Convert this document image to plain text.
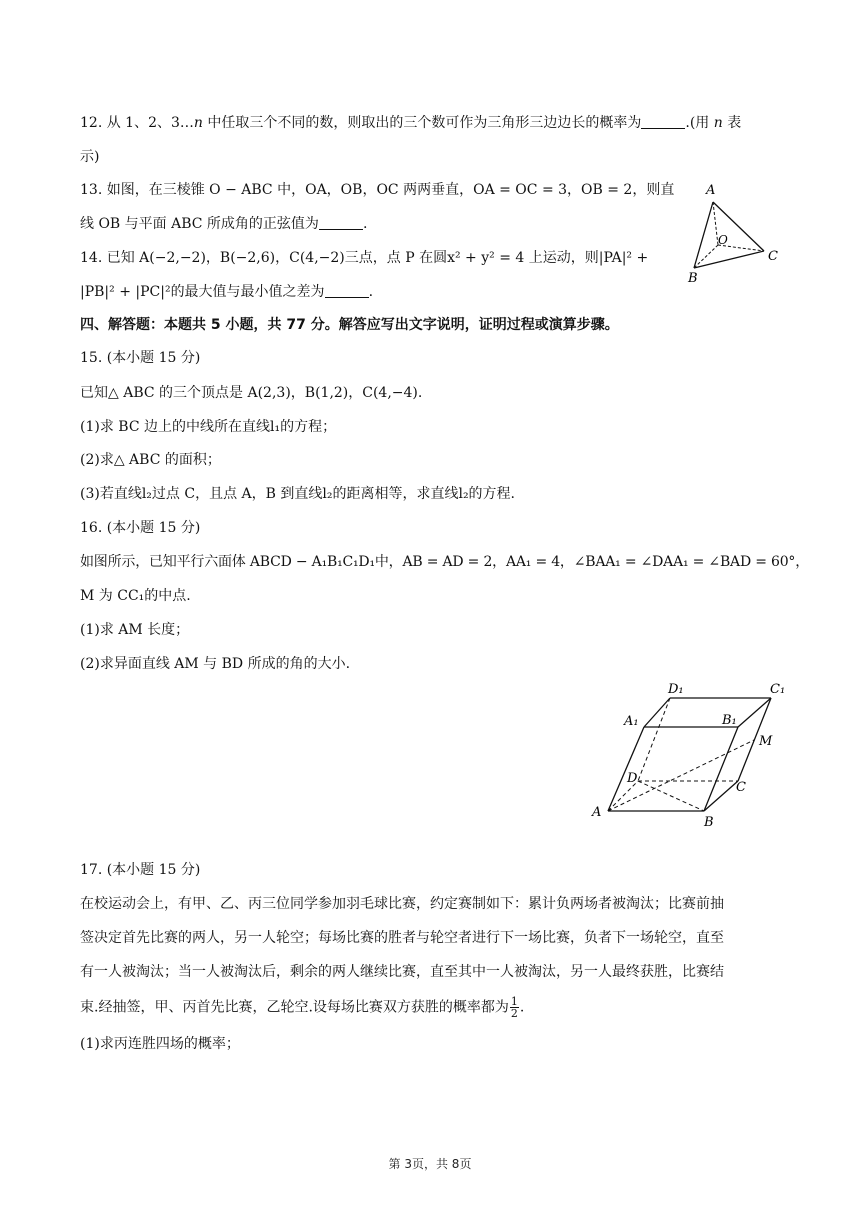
12. 从 1、2、3…n 中任取三个不同的数，则取出的三个数可作为三角形三边边长的概率为	.(用 n 表
示)
13. 如图，在三棱锥 O − ABC 中，OA，OB，OC 两两垂直，OA = OC = 3，OB = 2，则直
线 OB 与平面 ABC 所成角的正弦值为	.
A
O
B
C
14. 已知 A(−2,−2)，B(−2,6)，C(4,−2)三点，点 P 在圆x² + y² = 4 上运动，则|PA|² +
|PB|² + |PC|²的最大值与最小值之差为	.
四、解答题：本题共 5 小题，共 77 分。解答应写出文字说明，证明过程或演算步骤。
15. (本小题 15 分)
已知△ ABC 的三个顶点是 A(2,3)，B(1,2)，C(4,−4).
(1)求 BC 边上的中线所在直线l₁的方程；
(2)求△ ABC 的面积；
(3)若直线l₂过点 C，且点 A，B 到直线l₂的距离相等，求直线l₂的方程.
16. (本小题 15 分)
如图所示，已知平行六面体 ABCD − A₁B₁C₁D₁中，AB = AD = 2，AA₁ = 4，∠BAA₁ = ∠DAA₁ = ∠BAD = 60°，
M 为 CC₁的中点.
(1)求 AM 长度；
(2)求异面直线 AM 与 BD 所成的角的大小.
D₁	C₁
A₁	B₁
M
D
C
A
B
17. (本小题 15 分)
在校运动会上，有甲、乙、丙三位同学参加羽毛球比赛，约定赛制如下：累计负两场者被淘汰；比赛前抽
签决定首先比赛的两人，另一人轮空；每场比赛的胜者与轮空者进行下一场比赛，负者下一场轮空，直至
有一人被淘汰；当一人被淘汰后，剩余的两人继续比赛，直至其中一人被淘汰，另一人最终获胜，比赛结
束.经抽签，甲、丙首先比赛，乙轮空.设每场比赛双方获胜的概率都为 $\frac{1}{2}$ .
(1)求丙连胜四场的概率；
第 3页，共 8页
